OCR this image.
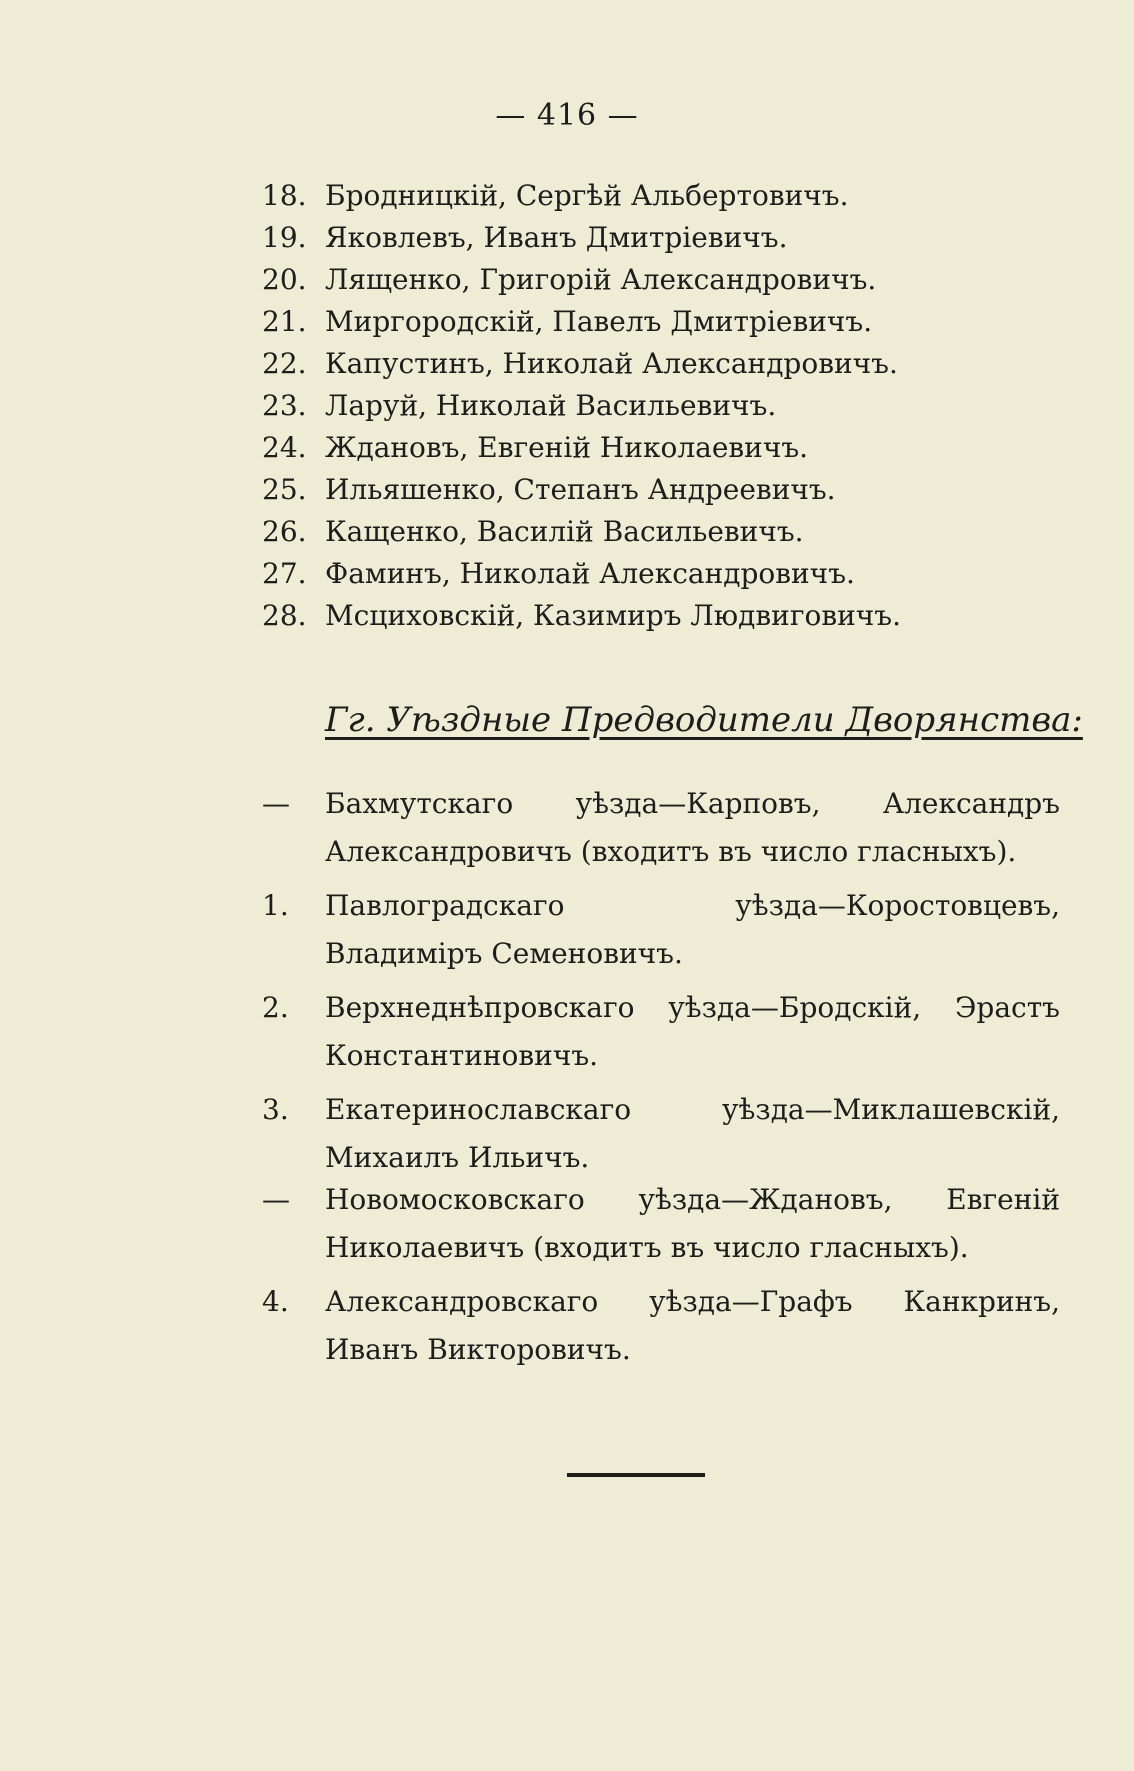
— 416 —
18. Бродницкій, Сергѣй Альбертовичъ.
19. Яковлевъ, Иванъ Дмитріевичъ.
20. Лященко, Григорій Александровичъ.
21. Миргородскій, Павелъ Дмитріевичъ.
22. Капустинъ, Николай Александровичъ.
23. Ларуй, Николай Васильевичъ.
24. Ждановъ, Евгеній Николаевичъ.
25. Ильяшенко, Степанъ Андреевичъ.
26. Кащенко, Василій Васильевичъ.
27. Фаминъ, Николай Александровичъ.
28. Мсциховскій, Казимиръ Людвиговичъ.
Гг. Уѣздные Предводители Дворянства:
— Бахмутскаго уѣзда—Карповъ, Александръ Александровичъ (входитъ въ число гласныхъ).
1. Павлоградскаго уѣзда—Коростовцевъ, Владиміръ Семеновичъ.
2. Верхнеднѣпровскаго уѣзда—Бродскій, Эрастъ Константиновичъ.
3. Екатеринославскаго уѣзда—Миклашевскій, Михаилъ Ильичъ.
— Новомосковскаго уѣзда—Ждановъ, Евгеній Николаевичъ (входитъ въ число гласныхъ).
4. Александровскаго уѣзда—Графъ Канкринъ, Иванъ Викторовичъ.
